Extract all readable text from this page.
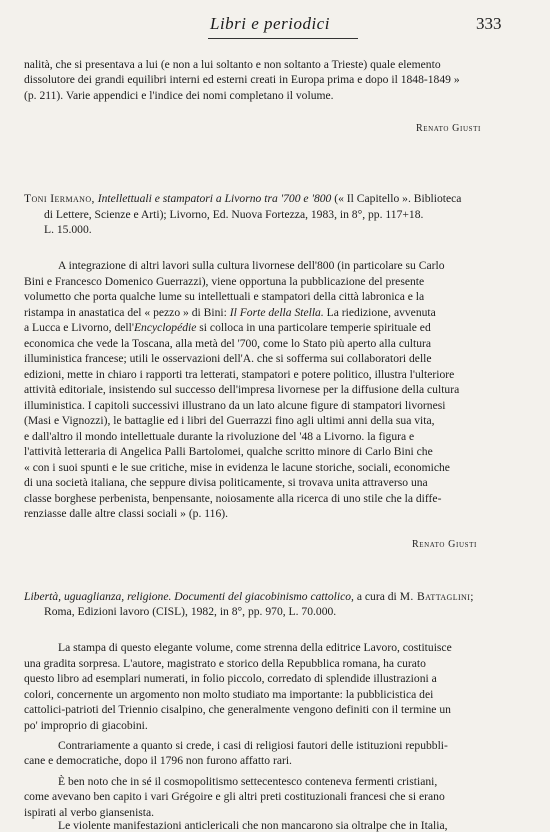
Libri e periodici	333
nalità, che si presentava a lui (e non a lui soltanto e non soltanto a Trieste) quale elemento
dissolutore dei grandi equilibri interni ed esterni creati in Europa prima e dopo il 1848-1849 »
(p. 211). Varie appendici e l'indice dei nomi completano il volume.
Renato Giusti
Toni Iermano, Intellettuali e stampatori a Livorno tra '700 e '800 (« Il Capitello ». Biblioteca
di Lettere, Scienze e Arti); Livorno, Ed. Nuova Fortezza, 1983, in 8°, pp. 117+18.
L. 15.000.
A integrazione di altri lavori sulla cultura livornese dell'800 (in particolare su Carlo
Bini e Francesco Domenico Guerrazzi), viene opportuna la pubblicazione del presente
volumetto che porta qualche lume su intellettuali e stampatori della città labronica e la
ristampa in anastatica del « pezzo » di Bini: Il Forte della Stella. La riedizione, avvenuta
a Lucca e Livorno, dell'Encyclopédie si colloca in una particolare temperie spirituale ed
economica che vede la Toscana, alla metà del '700, come lo Stato più aperto alla cultura
illuministica francese; utili le osservazioni dell'A. che si sofferma sui collaboratori delle
edizioni, mette in chiaro i rapporti tra letterati, stampatori e potere politico, illustra l'ulteriore
attività editoriale, insistendo sul successo dell'impresa livornese per la diffusione della cultura
illuministica. I capitoli successivi illustrano da un lato alcune figure di stampatori livornesi
(Masi e Vignozzi), le battaglie ed i libri del Guerrazzi fino agli ultimi anni della sua vita,
e dall'altro il mondo intellettuale durante la rivoluzione del '48 a Livorno. la figura e
l'attività letteraria di Angelica Palli Bartolomei, qualche scritto minore di Carlo Bini che
« con i suoi spunti e le sue critiche, mise in evidenza le lacune storiche, sociali, economiche
di una società italiana, che seppure divisa politicamente, si trovava unita attraverso una
classe borghese perbenista, benpensante, noiosamente alla ricerca di uno stile che la diffe-
renziasse dalle altre classi sociali » (p. 116).
Renato Giusti
Libertà, uguaglianza, religione. Documenti del giacobinismo cattolico, a cura di M. Battaglini;
Roma, Edizioni lavoro (CISL), 1982, in 8°, pp. 970, L. 70.000.
La stampa di questo elegante volume, come strenna della editrice Lavoro, costituisce
una gradita sorpresa. L'autore, magistrato e storico della Repubblica romana, ha curato
questo libro ad esemplari numerati, in folio piccolo, corredato di splendide illustrazioni a
colori, concernente un argomento non molto studiato ma importante: la pubblicistica dei
cattolici-patrioti del Triennio cisalpino, che generalmente vengono definiti con il termine un
po' improprio di giacobini.
Contrariamente a quanto si crede, i casi di religiosi fautori delle istituzioni repubbli-
cane e democratiche, dopo il 1796 non furono affatto rari.
È ben noto che in sé il cosmopolitismo settecentesco conteneva fermenti cristiani,
come avevano ben capito i vari Grégoire e gli altri preti costituzionali francesi che si erano
ispirati al verbo giansenista.
Le violente manifestazioni anticlericali che non mancarono sia oltralpe che in Italia,
